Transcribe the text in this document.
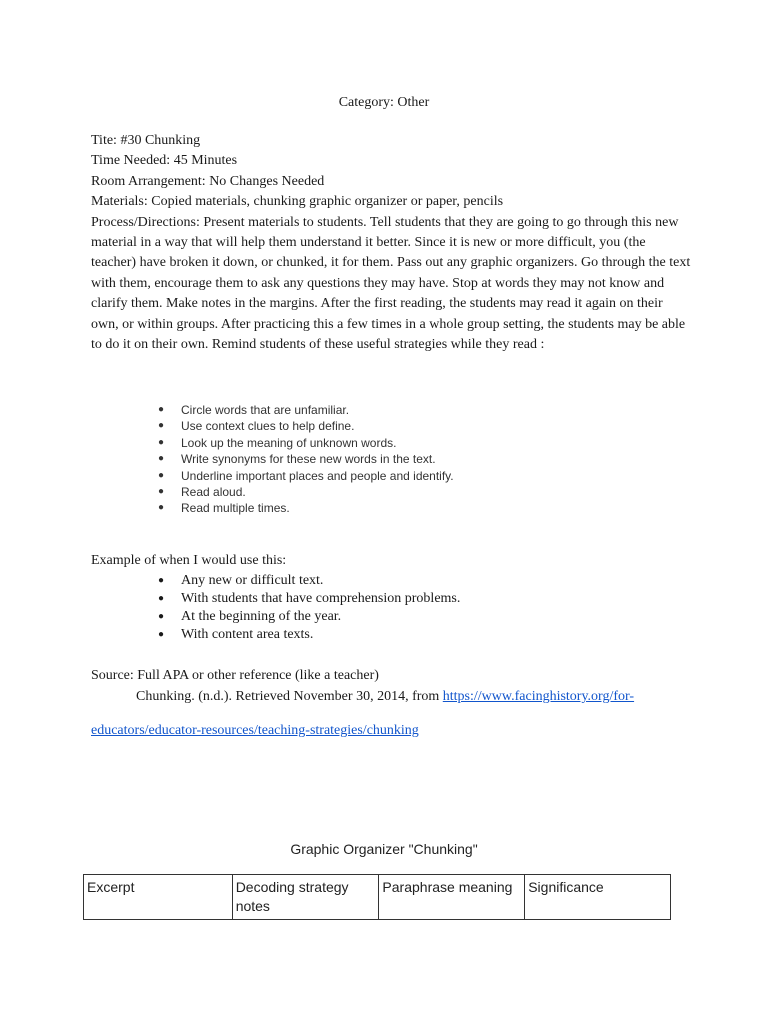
Category: Other
Tite: #30 Chunking
Time Needed: 45 Minutes
Room Arrangement: No Changes Needed
Materials: Copied materials, chunking graphic organizer or paper, pencils
Process/Directions: Present materials to students. Tell students that they are going to go through this new material in a way that will help them understand it better. Since it is new or more difficult, you (the teacher) have broken it down, or chunked, it for them. Pass out any graphic organizers. Go through the text with them, encourage them to ask any questions they may have. Stop at words they may not know and clarify them. Make notes in the margins. After the first reading, the students may read it again on their own, or within groups. After practicing this a few times in a whole group setting, the students may be able to do it on their own. Remind students of these useful strategies while they read :
● Circle words that are unfamiliar.
● Use context clues to help define.
● Look up the meaning of unknown words.
● Write synonyms for these new words in the text.
● Underline important places and people and identify.
● Read aloud.
● Read multiple times.
Example of when I would use this:
● Any new or difficult text.
● With students that have comprehension problems.
● At the beginning of the year.
● With content area texts.
Source: Full APA or other reference (like a teacher)
Chunking. (n.d.). Retrieved November 30, 2014, from https://www.facinghistory.org/for-
educators/educator-resources/teaching-strategies/chunking
Graphic Organizer "Chunking"
Excerpt	Decoding strategy notes	Paraphrase meaning	Significance
